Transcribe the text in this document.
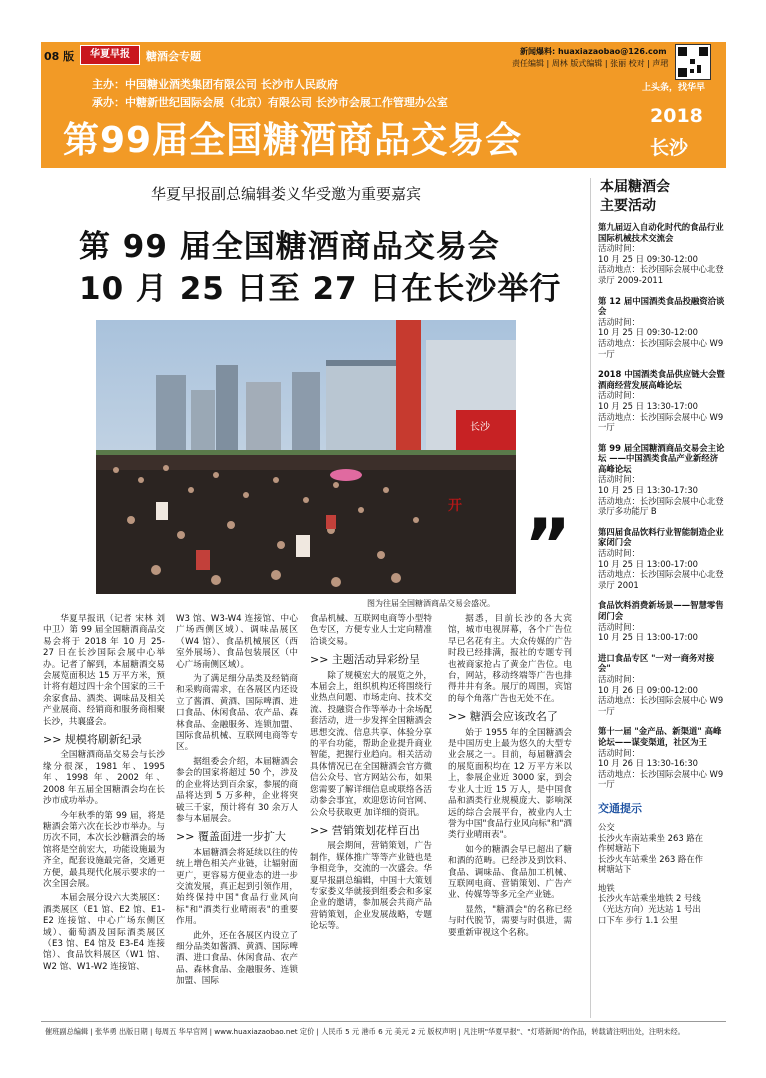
08 版	华夏早报	糖酒会专题	新闻爆料: huaxiazaobao@126.com
责任编辑 | 周林 版式编辑 | 张丽 校对 | 声珺
上头条，找华早
主办：中国糖业酒类集团有限公司 长沙市人民政府
承办：中糖新世纪国际会展（北京）有限公司 长沙市会展工作管理办公室
第99届全国糖酒商品交易会
2018
长沙
华夏早报副总编辑娄义华受邀为重要嘉宾
第 99 届全国糖酒商品交易会
10 月 25 日至 27 日在长沙举行
长沙
开 ”
图为往届全国糖酒商品交易会盛况。

华夏早报讯（记者 宋林 刘中卫）第 99 届全国糖酒商品交易会将于 2018 年 10 月 25-27 日在长沙国际会展中心举办。记者了解到，本届糖酒交易会展览面积达 15 万平方米，预计将有超过四十余个国家的三千余家食品、酒类、调味品及相关产业展商、经销商和服务商相聚长沙，共襄盛会。

>> 规模将刷新纪录

全国糖酒商品交易会与长沙缘分很深，1981 年、1995 年、1998 年、2002 年、2008 年五届全国糖酒会均在长沙市成功举办。

今年秋季的第 99 届，将是糖酒会第六次在长沙市举办。与历次不同，本次长沙糖酒会的场馆将是空前宏大，功能设施最为齐全，配套设施最完备，交通更方便，最具现代化展示要求的一次全国会展。

本届会展分设六大类展区：酒类展区（E1 馆、E2 馆、E1-E2 连接馆、中心广场东侧区域）、葡萄酒及国际酒类展区（E3 馆、E4 馆及 E3-E4 连接馆）、食品饮料展区（W1 馆、W2 馆、W1-W2 连接馆、

W3 馆、W3-W4 连接馆、中心广场西侧区域）、调味品展区（W4 馆）、食品机械展区（西室外展场）、食品包装展区（中心广场南侧区域）。

为了满足细分品类及经销商和采购商需求，在各展区内还设立了酱酒、黄酒、国际啤酒、进口食品、休闲食品、农产品、森林食品、金融服务、连锁加盟、国际食品机械、互联网电商等专区。

据组委会介绍，本届糖酒会参会的国家将超过 50 个，涉及的企业将达到百余家，参展的商品将达到 5 万多种，企业将突破三千家，预计将有 30 余万人参与本届展会。

>> 覆盖面进一步扩大

本届糖酒会将延续以往的传统上增色相关产业链，让辐射面更广，更容易方便业态的进一步交流发展，真正起到引领作用，始终保持中国"食品行业风向标"和"酒类行业晴雨表"的重要作用。

此外，还在各展区内设立了细分品类如酱酒、黄酒、国际啤酒、进口食品、休闲食品、农产品、森林食品、金融服务、连锁加盟、国际

食品机械、互联网电商等小型特色专区，方便专业人士定向精准洽谈交易。

>> 主题活动异彩纷呈

除了规模宏大的展览之外，本届会上，组织机构还将围绕行业热点问题、市场走向、技术交流、投融资合作等举办十余场配套活动，进一步发挥全国糖酒会思想交流、信息共享、体验分享的平台功能，帮助企业提升商业智能，把握行业趋向。相关活动具体情况已在全国糖酒会官方微信公众号、官方网站公布，如果您需要了解详细信息或联络各活动参会事宜，欢迎您访问官网、公众号获取更 加详细的资讯。

>> 营销策划花样百出

展会期间，营销策划，广告制作，媒体推广等等产业链也是争相竞争，交流的一次盛会。华夏早报副总编辑，中国十大策划专家娄义华就接到组委会和多家企业的邀请，参加展会共商产品营销策划，企业发展战略，专题论坛等。

据悉，目前长沙的各大宾馆，城市电视屏幕，各个广告位早已名花有主。大众传媒的广告时段已经排满，报社的专题专刊也被商家抢占了黄金广告位。电台，网站，移动终端等广告也排得井井有条。展厅的周围，宾馆的每个角落广告也无处不在。

>> 糖酒会应该改名了

始于 1955 年的全国糖酒会是中国历史上最为悠久的大型专业会展之一。目前，每届糖酒会的展览面积均在 12 万平方米以上，参展企业近 3000 家，到会专业人士近 15 万人，是中国食品和酒类行业规模庞大、影响深远的综合会展平台，被业内人士誉为中国"食品行业风向标"和"酒类行业晴雨表"。

如今的糖酒会早已超出了糖和酒的范畴。已经涉及到饮料、食品、调味品、食品加工机械、互联网电商、营销策划、广告产业、传媒等等多元全产业链。

显然，"糖酒会"的名称已经与时代脱节，需要与时俱进，需要重新审视这个名称。

本届糖酒会
主要活动
第九届迈入自动化时代的食品行业国际机械技术交流会
活动时间：
10 月 25 日 09:30-12:00
活动地点：长沙国际会展中心北登录厅 2009-2011
第 12 届中国酒类食品投融资洽谈会
活动时间：
10 月 25 日 09:30-12:00
活动地点：长沙国际会展中心 W9 一厅
2018 中国酒类食品供应链大会暨酒商经营发展高峰论坛
活动时间：
10 月 25 日 13:30-17:00
活动地点：长沙国际会展中心 W9 一厅
第 99 届全国糖酒商品交易会主论坛 ——中国酒类食品产业新经济高峰论坛
活动时间：
10 月 25 日 13:30-17:30
活动地点：长沙国际会展中心北登录厅多功能厅 B
第四届食品饮料行业智能制造企业家闭门会
活动时间：
10 月 25 日 13:00-17:00
活动地点：长沙国际会展中心北登录厅 2001
食品饮料消费新场景——智慧零售闭门会
活动时间：
10 月 25 日 13:00-17:00
进口食品专区 "一对一商务对接会"
活动时间：
10 月 26 日 09:00-12:00
活动地点：长沙国际会展中心 W9 一厅
第十一届 "金产品、新渠道" 高峰论坛——谋变渠道，社区为王
活动时间：
10 月 26 日 13:30-16:30
活动地点：长沙国际会展中心 W9 一厅
交通提示
公交
长沙火车南站乘坐 263 路在
作树塘站下
长沙火车站乘坐 263 路在作
树塘站下
地铁
长沙火车站乘坐地铁 2 号线
（光达方向）光达站 1 号出
口下车 步行 1.1 公里
催班副总编辑 | 张华勇 出版日期 | 每周五 华早官网 | www.huaxiazaobao.net 定价 | 人民币 5 元 港币 6 元 美元 2 元 版权声明 | 凡注明"华夏早报"、"灯塔新闻"的作品，转载请注明出处，注明未经。
